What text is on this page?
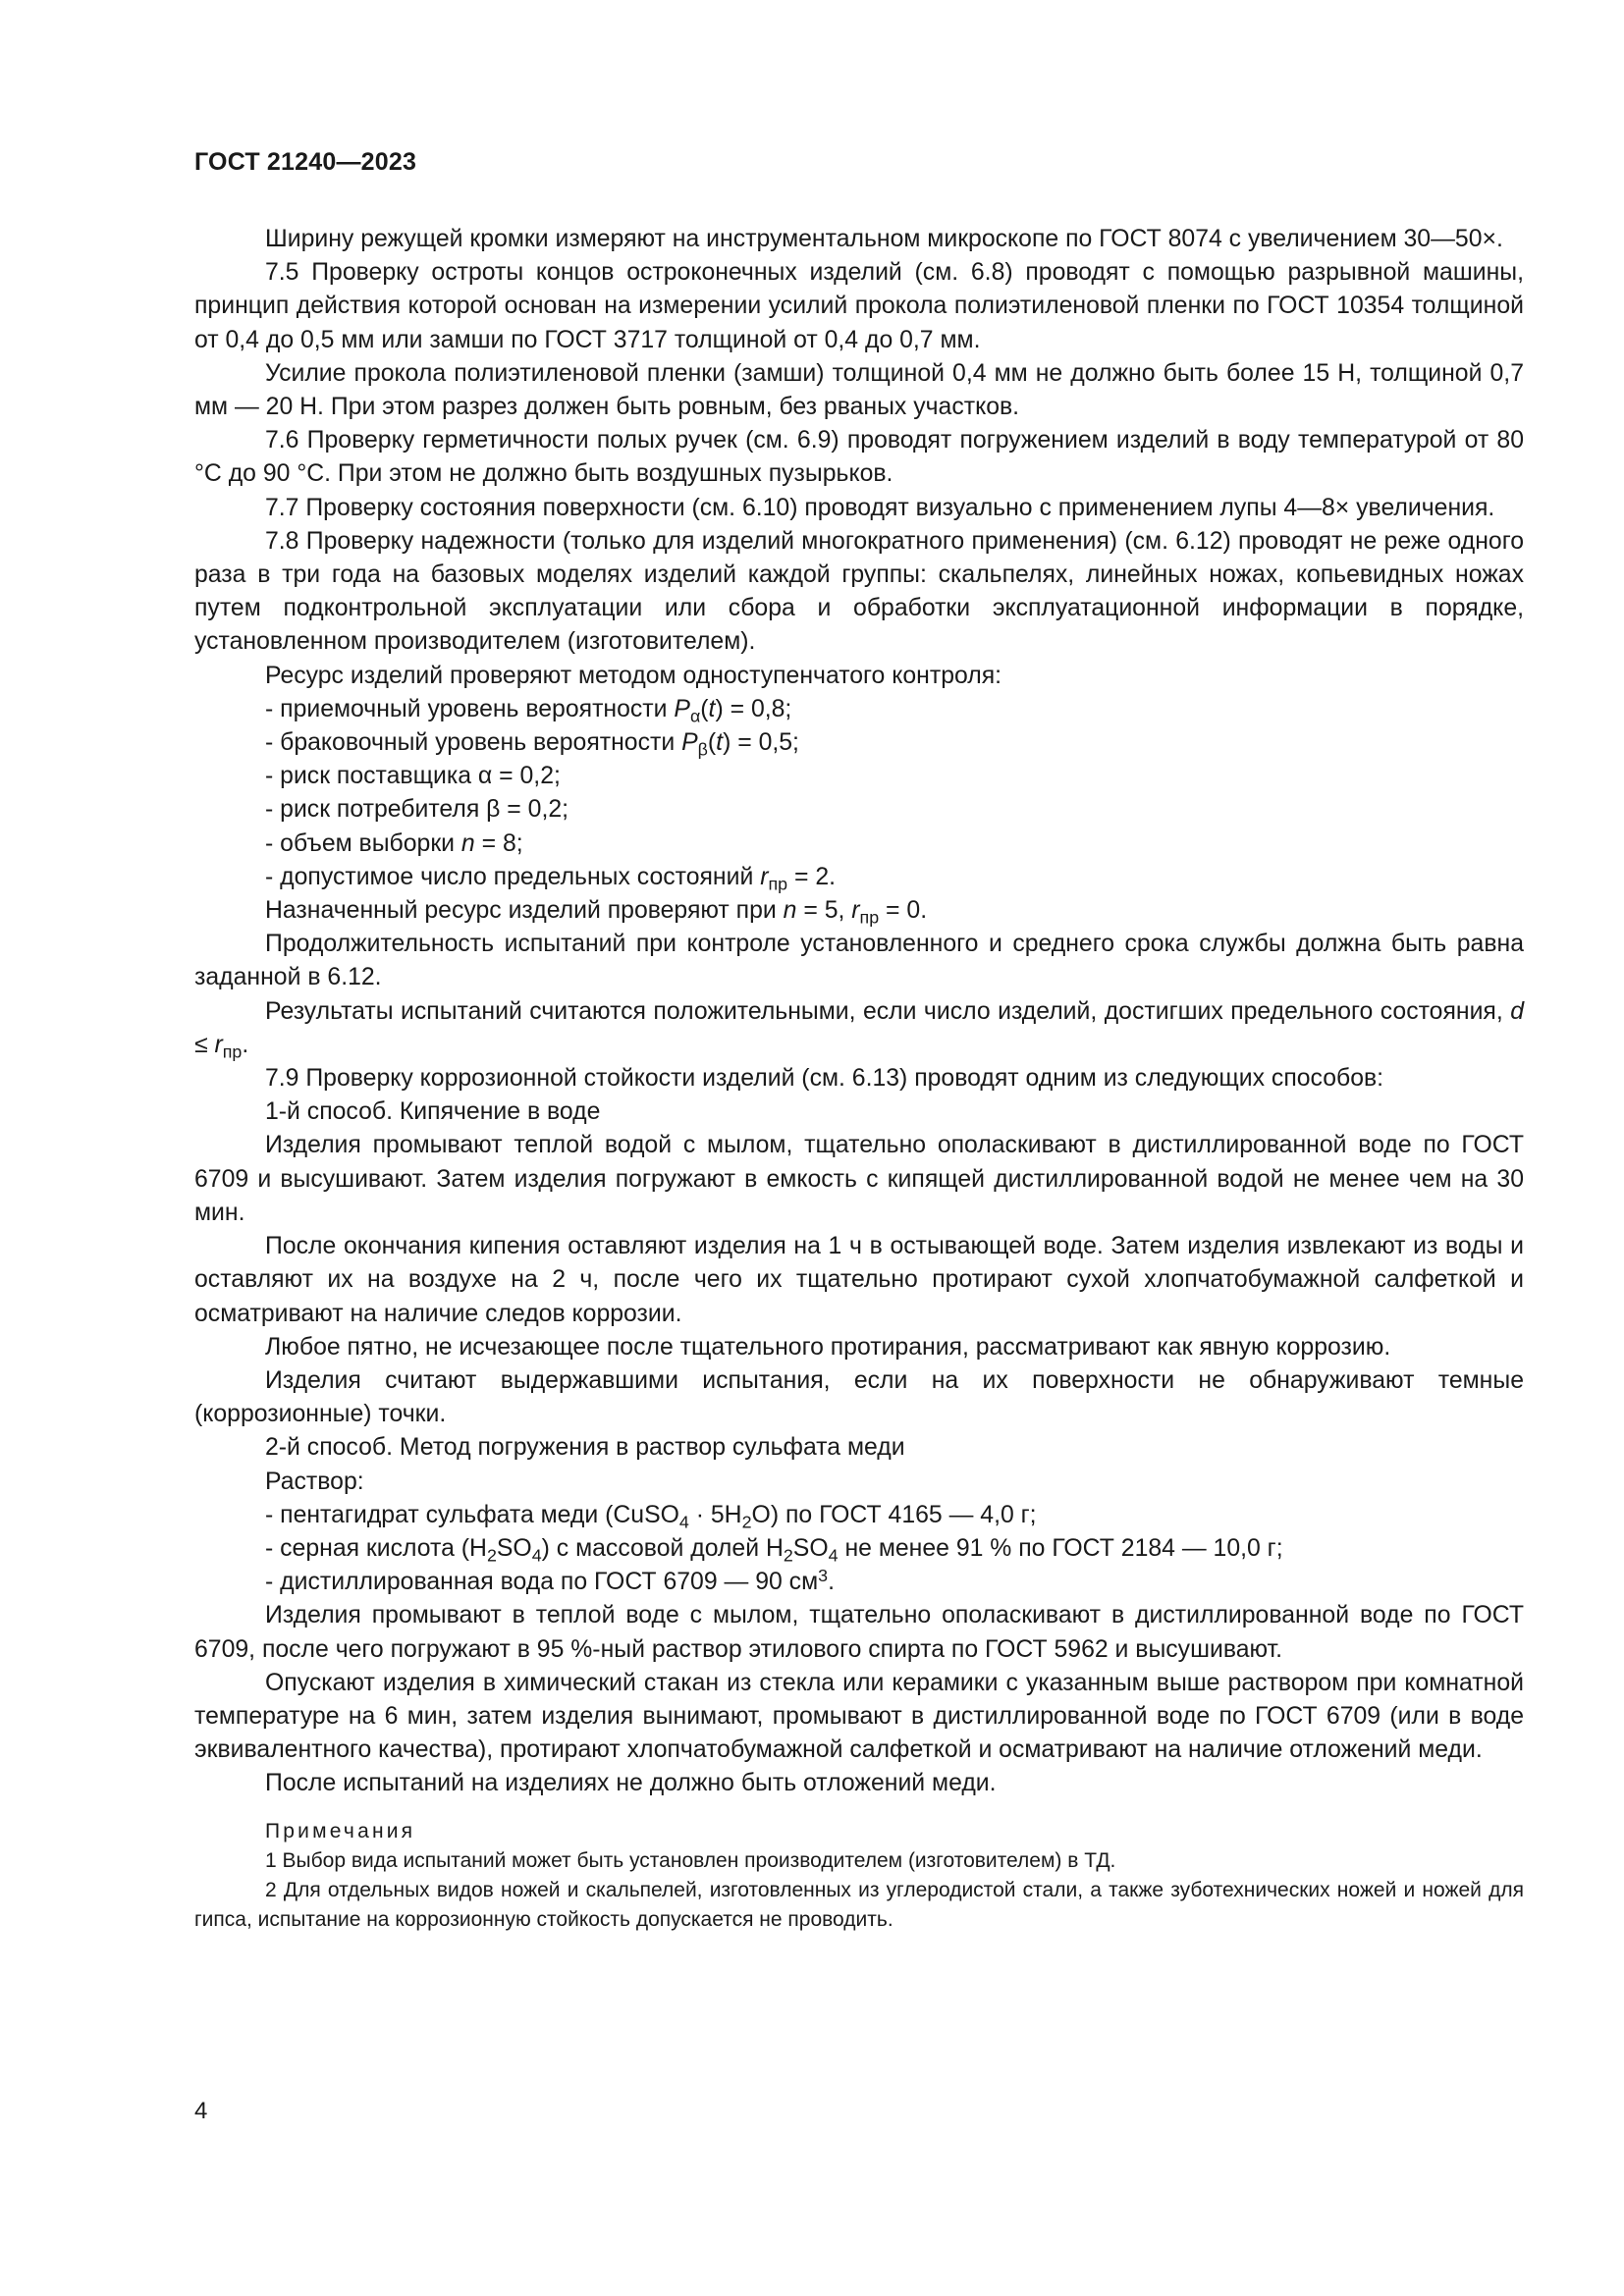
ГОСТ 21240—2023

Ширину режущей кромки измеряют на инструментальном микроскопе по ГОСТ 8074 с увеличением 30—50×.

7.5 Проверку остроты концов остроконечных изделий (см. 6.8) проводят с помощью разрывной машины, принцип действия которой основан на измерении усилий прокола полиэтиленовой пленки по ГОСТ 10354 толщиной от 0,4 до 0,5 мм или замши по ГОСТ 3717 толщиной от 0,4 до 0,7 мм.

Усилие прокола полиэтиленовой пленки (замши) толщиной 0,4 мм не должно быть более 15 Н, толщиной 0,7 мм — 20 Н. При этом разрез должен быть ровным, без рваных участков.

7.6 Проверку герметичности полых ручек (см. 6.9) проводят погружением изделий в воду температурой от 80 °С до 90 °С. При этом не должно быть воздушных пузырьков.

7.7 Проверку состояния поверхности (см. 6.10) проводят визуально с применением лупы 4—8× увеличения.

7.8 Проверку надежности (только для изделий многократного применения) (см. 6.12) проводят не реже одного раза в три года на базовых моделях изделий каждой группы: скальпелях, линейных ножах, копьевидных ножах путем подконтрольной эксплуатации или сбора и обработки эксплуатационной информации в порядке, установленном производителем (изготовителем).

Ресурс изделий проверяют методом одноступенчатого контроля:

- приемочный уровень вероятности $P_\alpha(t) = 0,8$;

- браковочный уровень вероятности $P_\beta(t) = 0,5$;

- риск поставщика α = 0,2;

- риск потребителя β = 0,2;

- объем выборки n = 8;

- допустимое число предельных состояний $r_{пр} = 2$.

Назначенный ресурс изделий проверяют при n = 5, $r_{пр} = 0$.

Продолжительность испытаний при контроле установленного и среднего срока службы должна быть равна заданной в 6.12.

Результаты испытаний считаются положительными, если число изделий, достигших предельного состояния, $d \le r_{пр}$.

7.9 Проверку коррозионной стойкости изделий (см. 6.13) проводят одним из следующих способов:

1-й способ. Кипячение в воде

Изделия промывают теплой водой с мылом, тщательно ополаскивают в дистиллированной воде по ГОСТ 6709 и высушивают. Затем изделия погружают в емкость с кипящей дистиллированной водой не менее чем на 30 мин.

После окончания кипения оставляют изделия на 1 ч в остывающей воде. Затем изделия извлекают из воды и оставляют их на воздухе на 2 ч, после чего их тщательно протирают сухой хлопчатобумажной салфеткой и осматривают на наличие следов коррозии.

Любое пятно, не исчезающее после тщательного протирания, рассматривают как явную коррозию.

Изделия считают выдержавшими испытания, если на их поверхности не обнаруживают темные (коррозионные) точки.

2-й способ. Метод погружения в раствор сульфата меди

Раствор:

- пентагидрат сульфата меди (CuSO$_4$ · $5H_2O$) по ГОСТ 4165 — 4,0 г;

- серная кислота $(H_2SO_4)$ с массовой долей $H_2SO_4$ не менее 91 % по ГОСТ 2184 — 10,0 г;

- дистиллированная вода по ГОСТ 6709 — 90 $см^3$.

Изделия промывают в теплой воде с мылом, тщательно ополаскивают в дистиллированной воде по ГОСТ 6709, после чего погружают в 95 %-ный раствор этилового спирта по ГОСТ 5962 и высушивают.

Опускают изделия в химический стакан из стекла или керамики с указанным выше раствором при комнатной температуре на 6 мин, затем изделия вынимают, промывают в дистиллированной воде по ГОСТ 6709 (или в воде эквивалентного качества), протирают хлопчатобумажной салфеткой и осматривают на наличие отложений меди.

После испытаний на изделиях не должно быть отложений меди.

Примечания

1 Выбор вида испытаний может быть установлен производителем (изготовителем) в ТД.

2 Для отдельных видов ножей и скальпелей, изготовленных из углеродистой стали, а также зуботехнических ножей и ножей для гипса, испытание на коррозионную стойкость допускается не проводить.

4
